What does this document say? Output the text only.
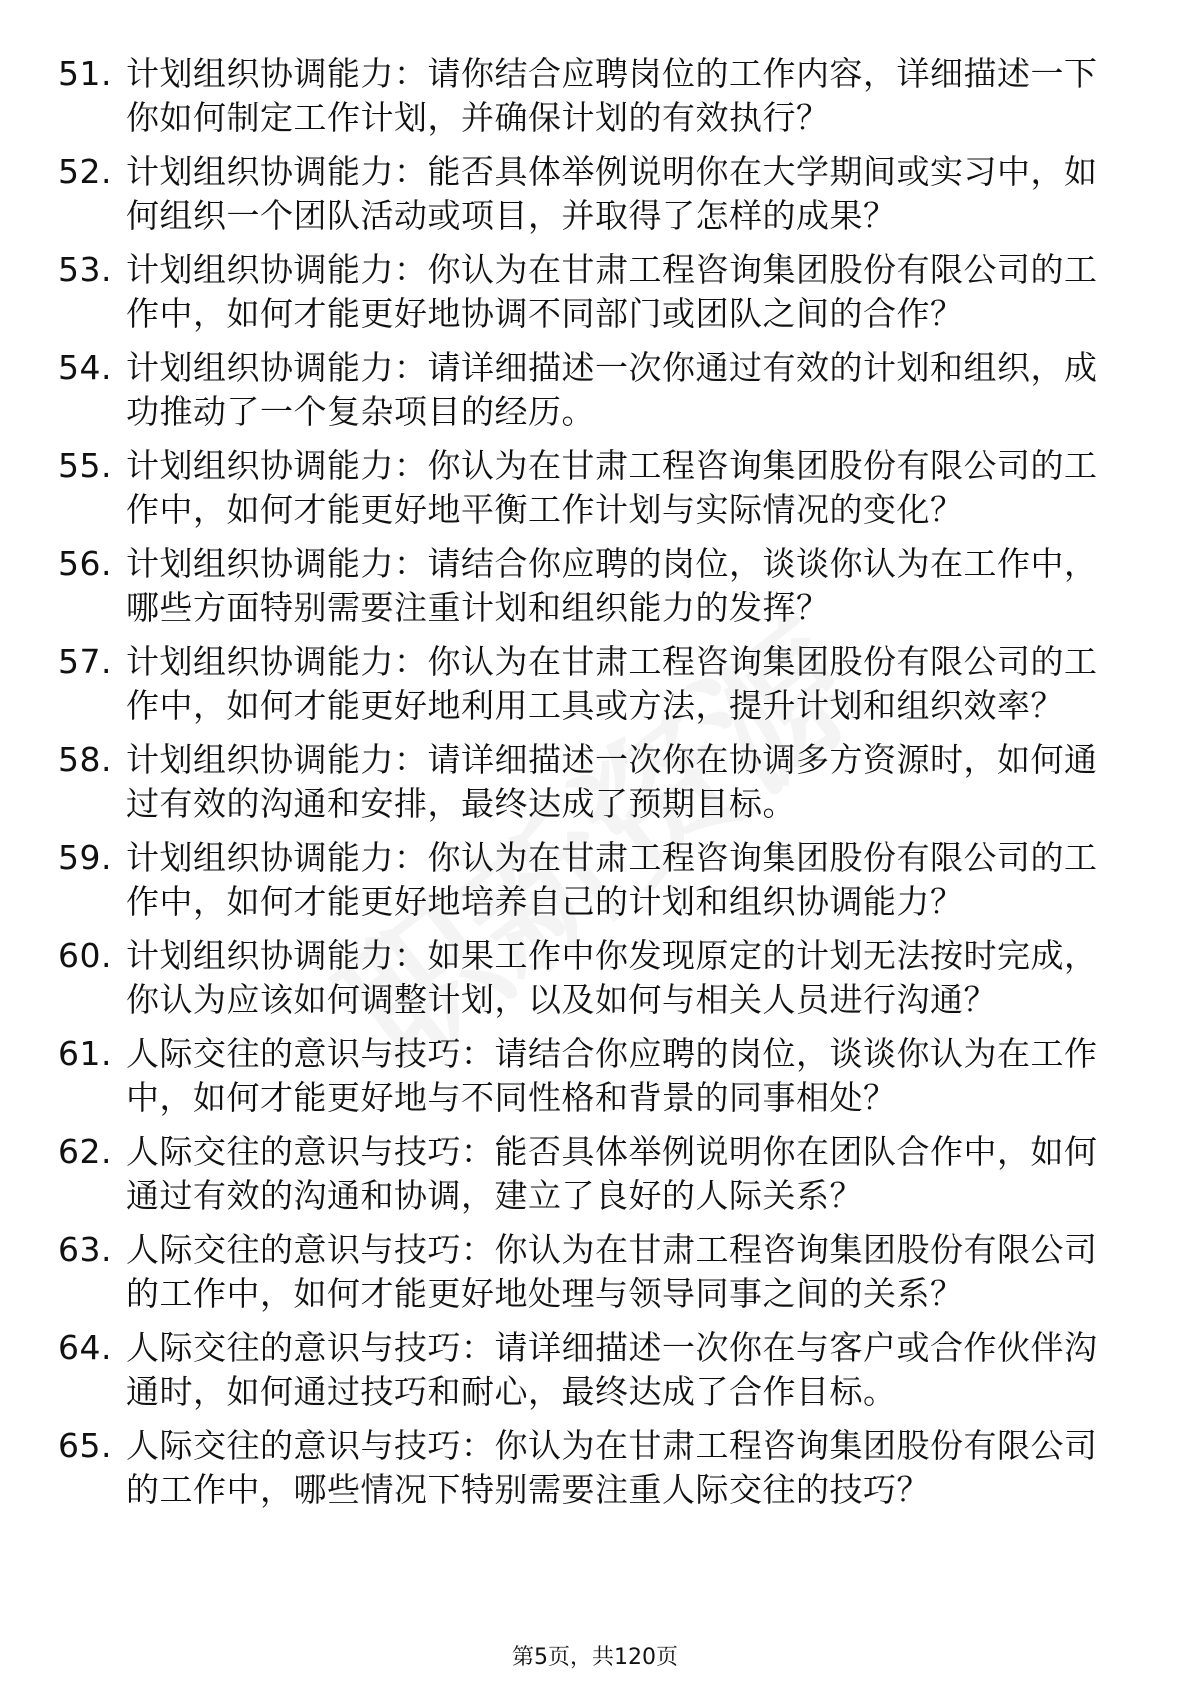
51. 计划组织协调能力：请你结合应聘岗位的工作内容，详细描述一下你如何制定工作计划，并确保计划的有效执行？
52. 计划组织协调能力：能否具体举例说明你在大学期间或实习中，如何组织一个团队活动或项目，并取得了怎样的成果？
53. 计划组织协调能力：你认为在甘肃工程咨询集团股份有限公司的工作中，如何才能更好地协调不同部门或团队之间的合作？
54. 计划组织协调能力：请详细描述一次你通过有效的计划和组织，成功推动了一个复杂项目的经历。
55. 计划组织协调能力：你认为在甘肃工程咨询集团股份有限公司的工作中，如何才能更好地平衡工作计划与实际情况的变化？
56. 计划组织协调能力：请结合你应聘的岗位，谈谈你认为在工作中，哪些方面特别需要注重计划和组织能力的发挥？
57. 计划组织协调能力：你认为在甘肃工程咨询集团股份有限公司的工作中，如何才能更好地利用工具或方法，提升计划和组织效率？
58. 计划组织协调能力：请详细描述一次你在协调多方资源时，如何通过有效的沟通和安排，最终达成了预期目标。
59. 计划组织协调能力：你认为在甘肃工程咨询集团股份有限公司的工作中，如何才能更好地培养自己的计划和组织协调能力？
60. 计划组织协调能力：如果工作中你发现原定的计划无法按时完成，你认为应该如何调整计划，以及如何与相关人员进行沟通？
61. 人际交往的意识与技巧：请结合你应聘的岗位，谈谈你认为在工作中，如何才能更好地与不同性格和背景的同事相处？
62. 人际交往的意识与技巧：能否具体举例说明你在团队合作中，如何通过有效的沟通和协调，建立了良好的人际关系？
63. 人际交往的意识与技巧：你认为在甘肃工程咨询集团股份有限公司的工作中，如何才能更好地处理与领导同事之间的关系？
64. 人际交往的意识与技巧：请详细描述一次你在与客户或合作伙伴沟通时，如何通过技巧和耐心，最终达成了合作目标。
65. 人际交往的意识与技巧：你认为在甘肃工程咨询集团股份有限公司的工作中，哪些情况下特别需要注重人际交往的技巧？
第5页，共120页
